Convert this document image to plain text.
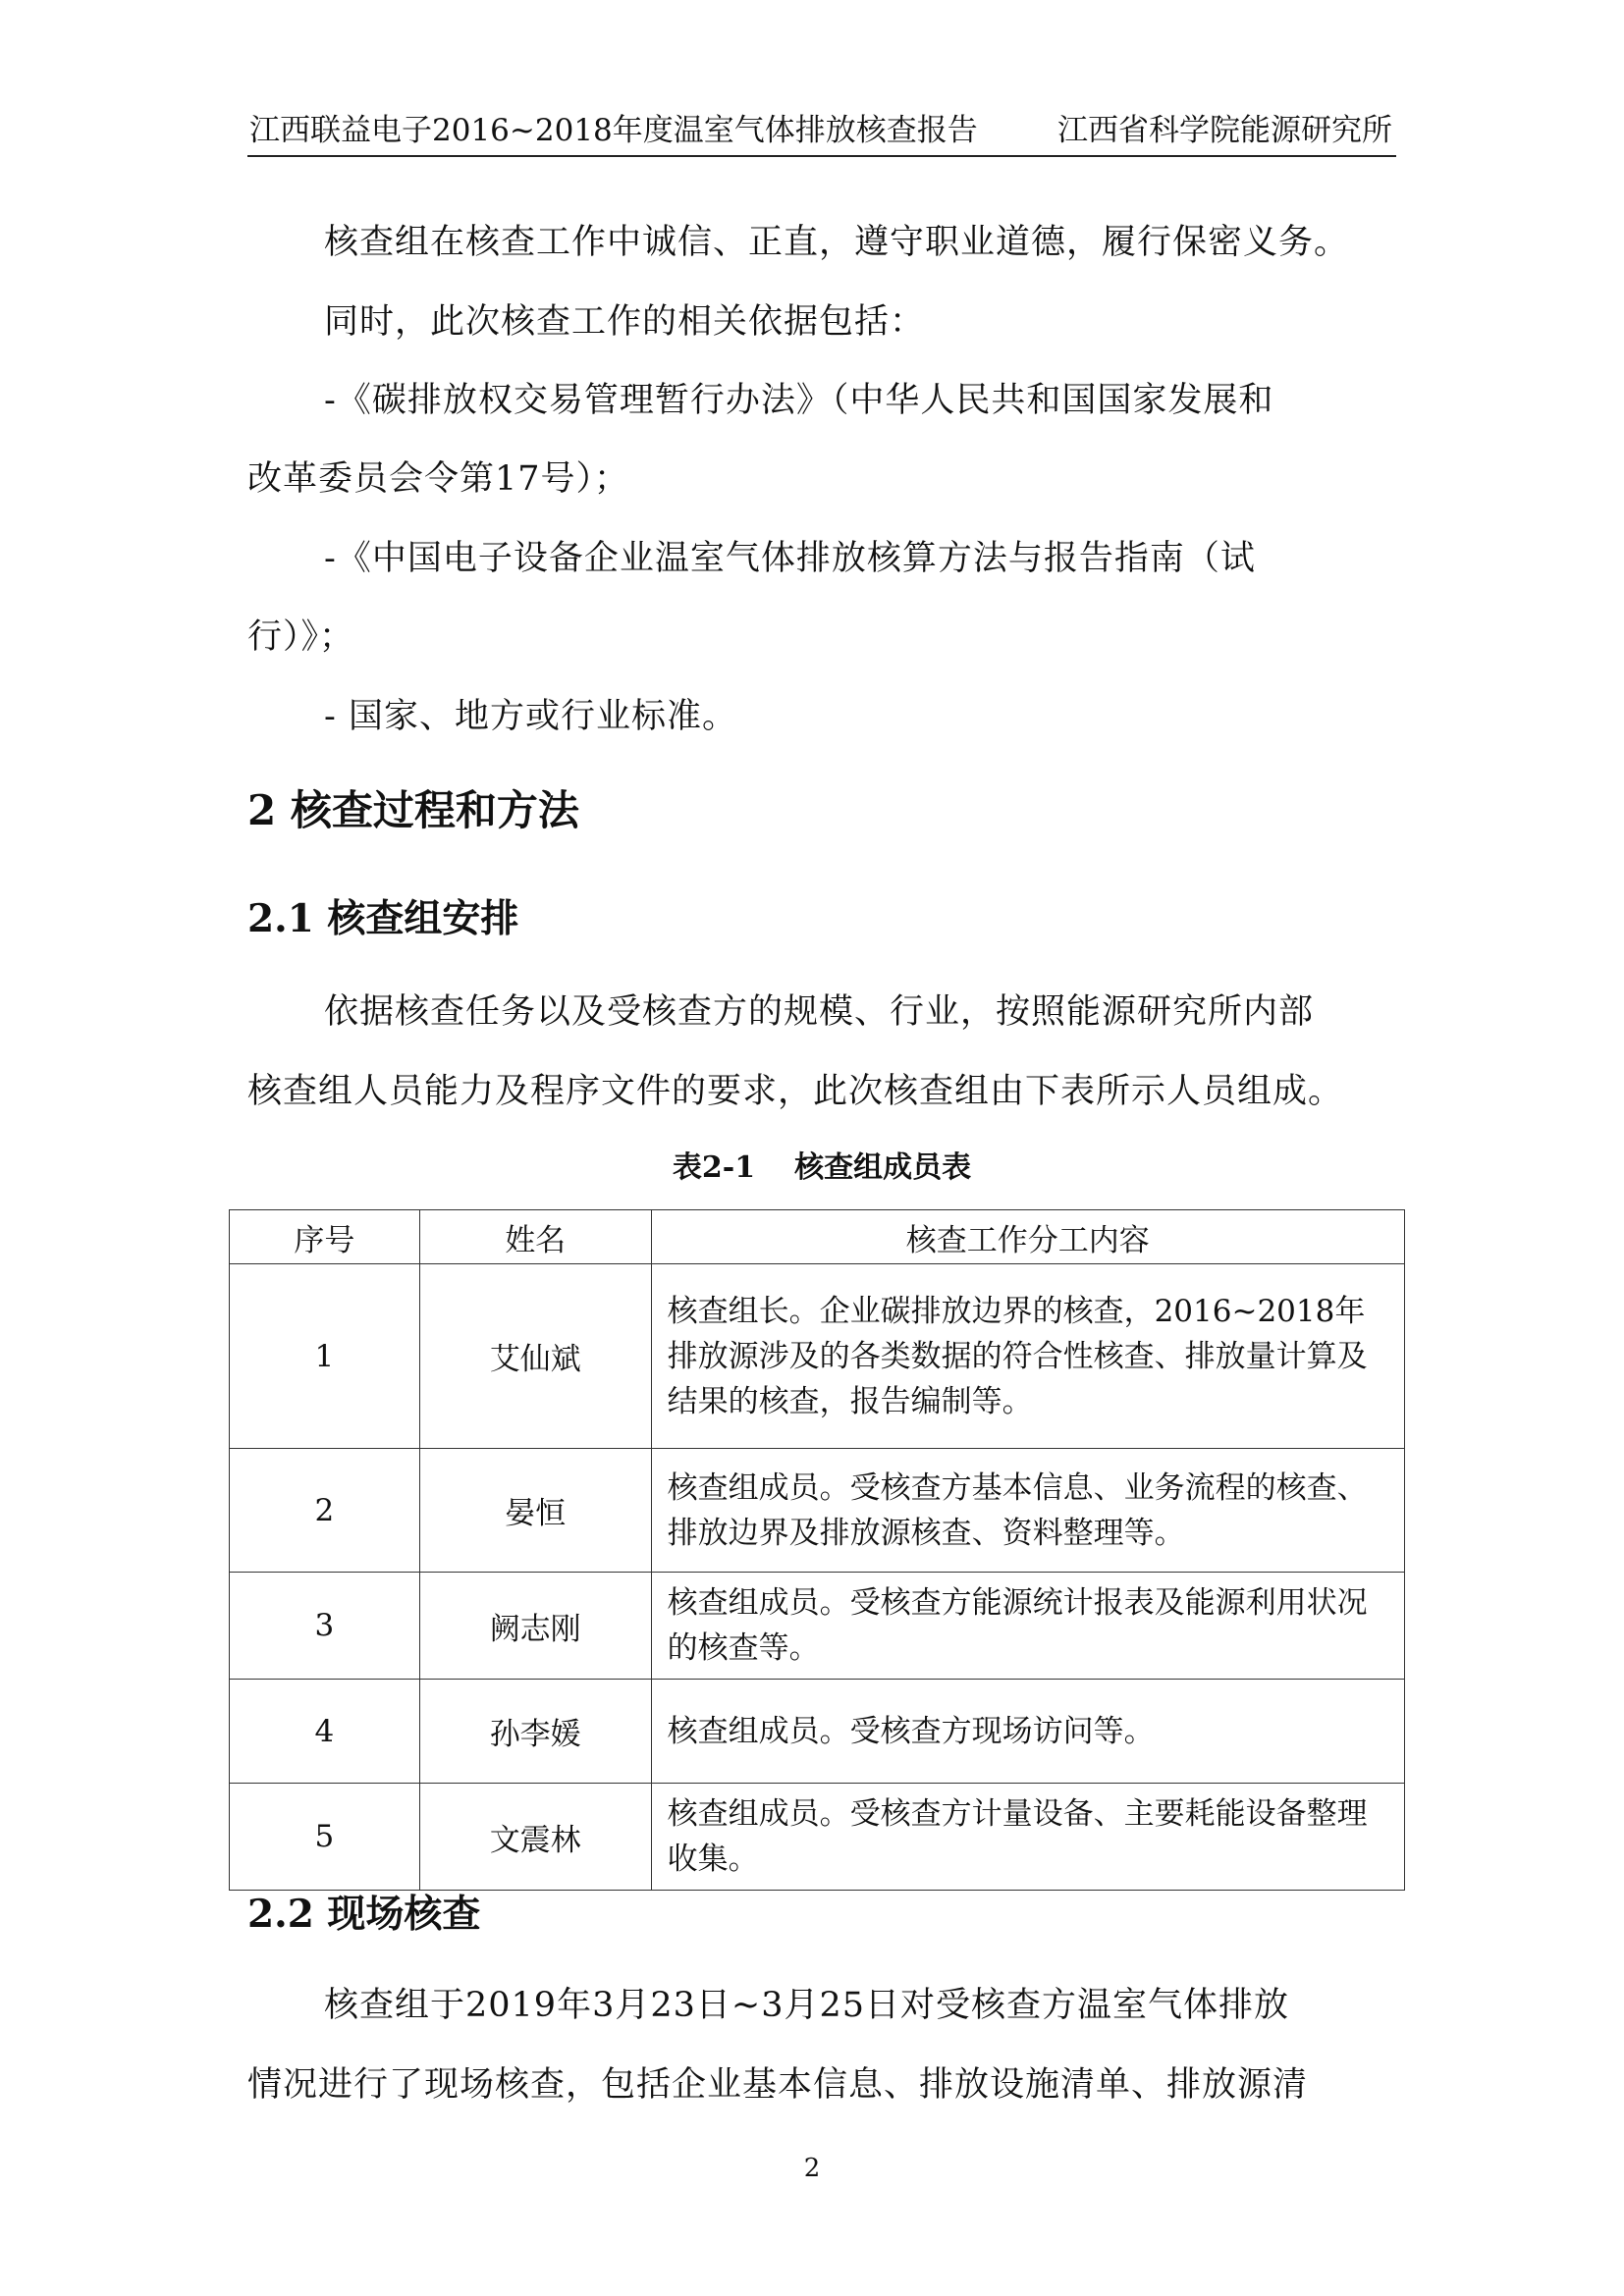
江西联益电子2016~2018年度温室气体排放核查报告	江西省科学院能源研究所
核查组在核查工作中诚信、正直，遵守职业道德，履行保密义务。
同时，此次核查工作的相关依据包括：
-《碳排放权交易管理暂行办法》（中华人民共和国国家发展和
改革委员会令第17号）；
-《中国电子设备企业温室气体排放核算方法与报告指南（试
行）》；
- 国家、地方或行业标准。
2 核查过程和方法
2.1 核查组安排
依据核查任务以及受核查方的规模、行业，按照能源研究所内部
核查组人员能力及程序文件的要求，此次核查组由下表所示人员组成。
表2-1 核查组成员表
序号	姓名	核查工作分工内容
1	艾仙斌	核查组长。企业碳排放边界的核查，2016~2018年排放源涉及的各类数据的符合性核查、排放量计算及结果的核查，报告编制等。
2	晏恒	核查组成员。受核查方基本信息、业务流程的核查、排放边界及排放源核查、资料整理等。
3	阙志刚	核查组成员。受核查方能源统计报表及能源利用状况的核查等。
4	孙李媛	核查组成员。受核查方现场访问等。
5	文震林	核查组成员。受核查方计量设备、主要耗能设备整理收集。
2.2 现场核查
核查组于2019年3月23日~3月25日对受核查方温室气体排放
情况进行了现场核查，包括企业基本信息、排放设施清单、排放源清
2
